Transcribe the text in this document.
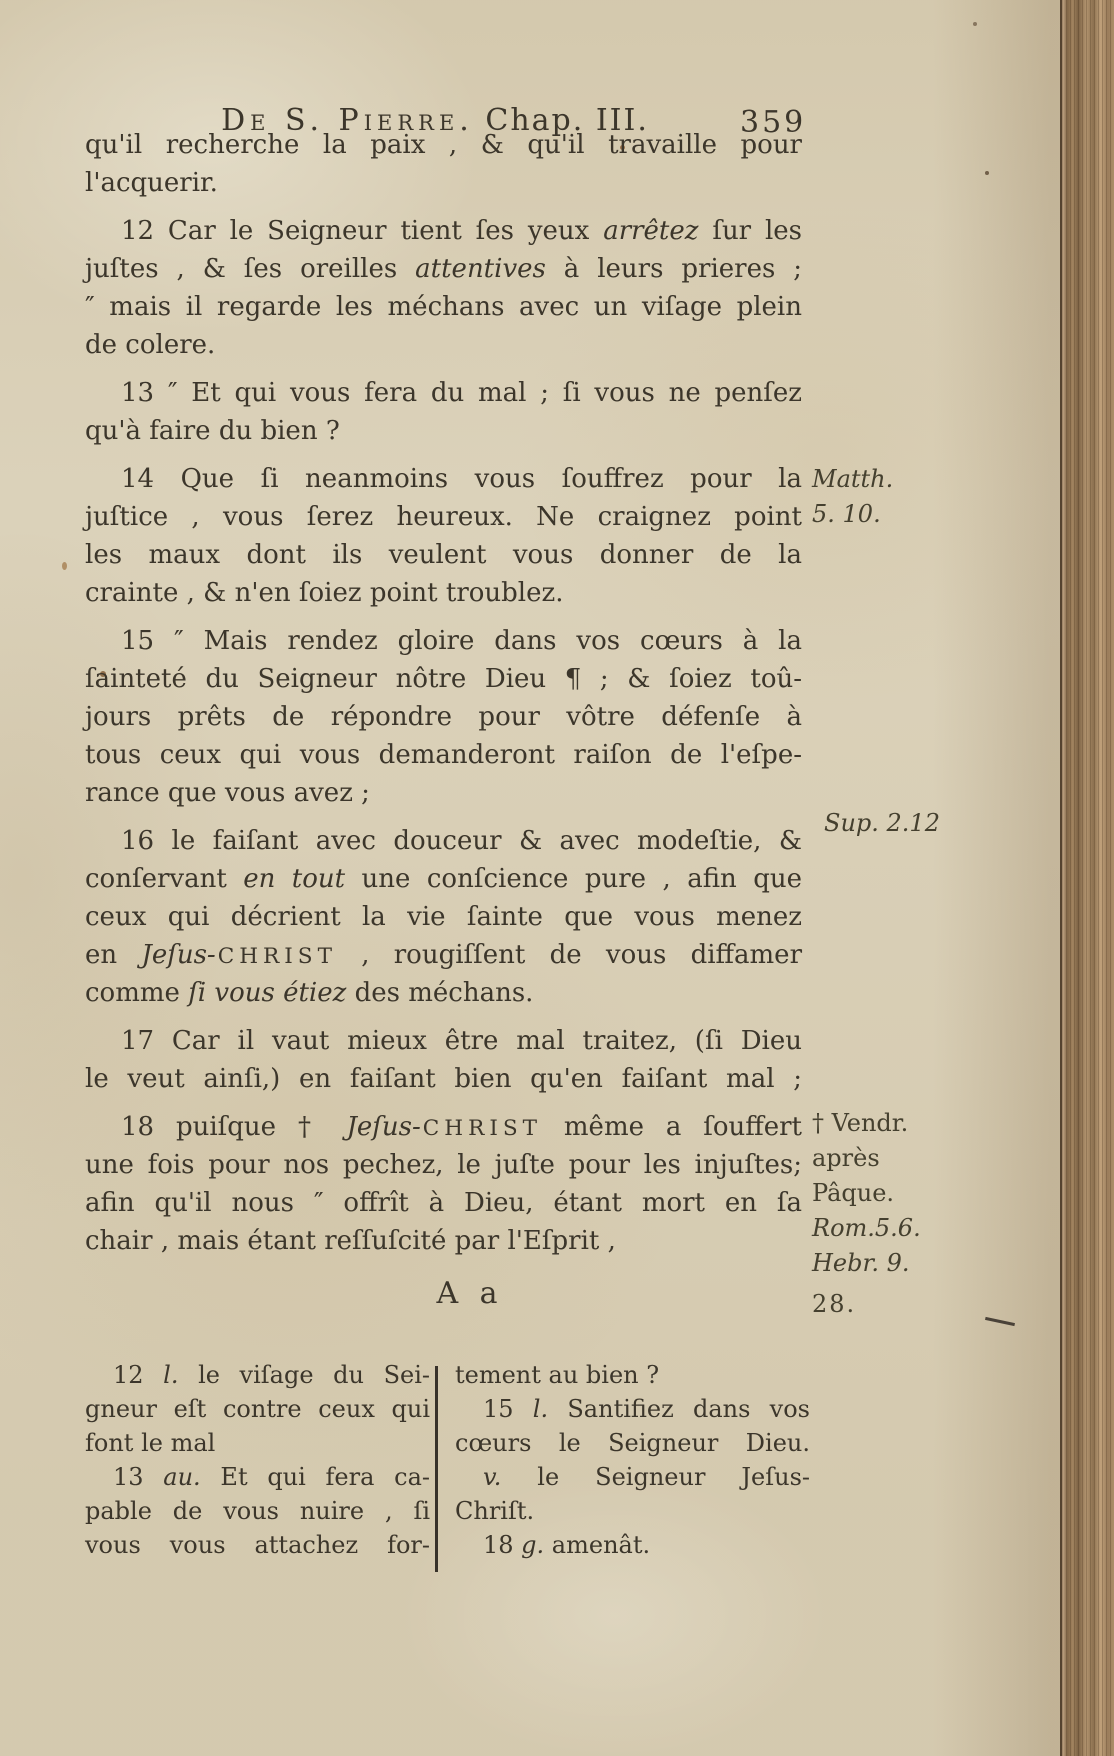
De S. Pierre. Chap. III.	359
qu'il recherche la paix , & qu'il travaille pour
l'acquerir.
12 Car le Seigneur tient ſes yeux arrêtez ſur les
juſtes , & ſes oreilles attentives à leurs prieres ;
″ mais il regarde les méchans avec un viſage plein
de colere.
13 ″ Et qui vous fera du mal ; ſi vous ne penſez
qu'à faire du bien ?
14 Que ſi neanmoins vous ſouffrez pour la
juſtice , vous ſerez heureux. Ne craignez point
les maux dont ils veulent vous donner de la
crainte , & n'en ſoiez point troublez.
15 ″ Mais rendez gloire dans vos cœurs à la
ſainteté du Seigneur nôtre Dieu ¶ ; & ſoiez toû-
jours prêts de répondre pour vôtre défenſe à
tous ceux qui vous demanderont raiſon de l'eſpe-
rance que vous avez ;
16 le faiſant avec douceur & avec modeſtie, &
conſervant en tout une conſcience pure , afin que
ceux qui décrient la vie ſainte que vous menez
en Jeſus-CHRIST , rougiſſent de vous diffamer
comme ſi vous étiez des méchans.
17 Car il vaut mieux être mal traitez, (ſi Dieu
le veut ainſi,) en faiſant bien qu'en faiſant mal ;
18 puiſque † Jeſus-CHRIST même a ſouffert
une fois pour nos pechez, le juſte pour les injuſtes;
afin qu'il nous ″ offrît à Dieu, étant mort en ſa
chair , mais étant reſſuſcité par l'Eſprit ,
A a
Matth.
5. 10.
Sup. 2.12
† Vendr.
après
Pâque.
Rom.5.6.
Hebr. 9.
28.
12 l. le viſage du Sei-
gneur eſt contre ceux qui
font le mal
13 au. Et qui fera ca-
pable de vous nuire , ſi
vous vous attachez for-
tement au bien ?
15 l. Santifiez dans vos
cœurs le Seigneur Dieu.
v. le Seigneur Jeſus-
Chriſt.
18 g. amenât.
